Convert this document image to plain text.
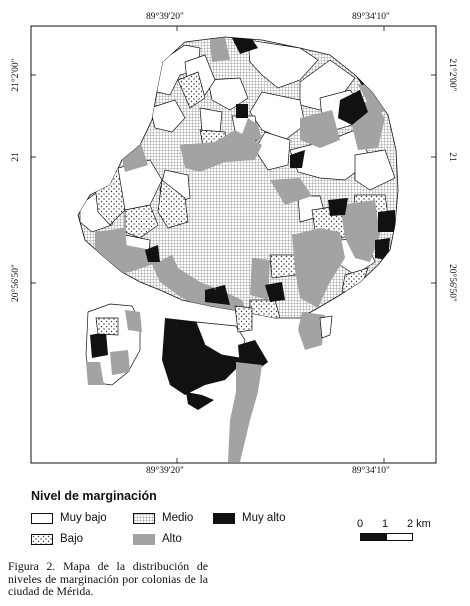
89°39'20"	89°34'10"
89°39'20"	89°34'10"
21°2'00"
21
20°56'50"
21°2'00"
21
20°56'50"
Nivel de marginación
Muy bajo
Bajo
Medio
Alto
Muy alto	0 1 2 km
Figura 2. Mapa de la distribución de niveles de marginación por colonias de la ciudad de Mérida.
